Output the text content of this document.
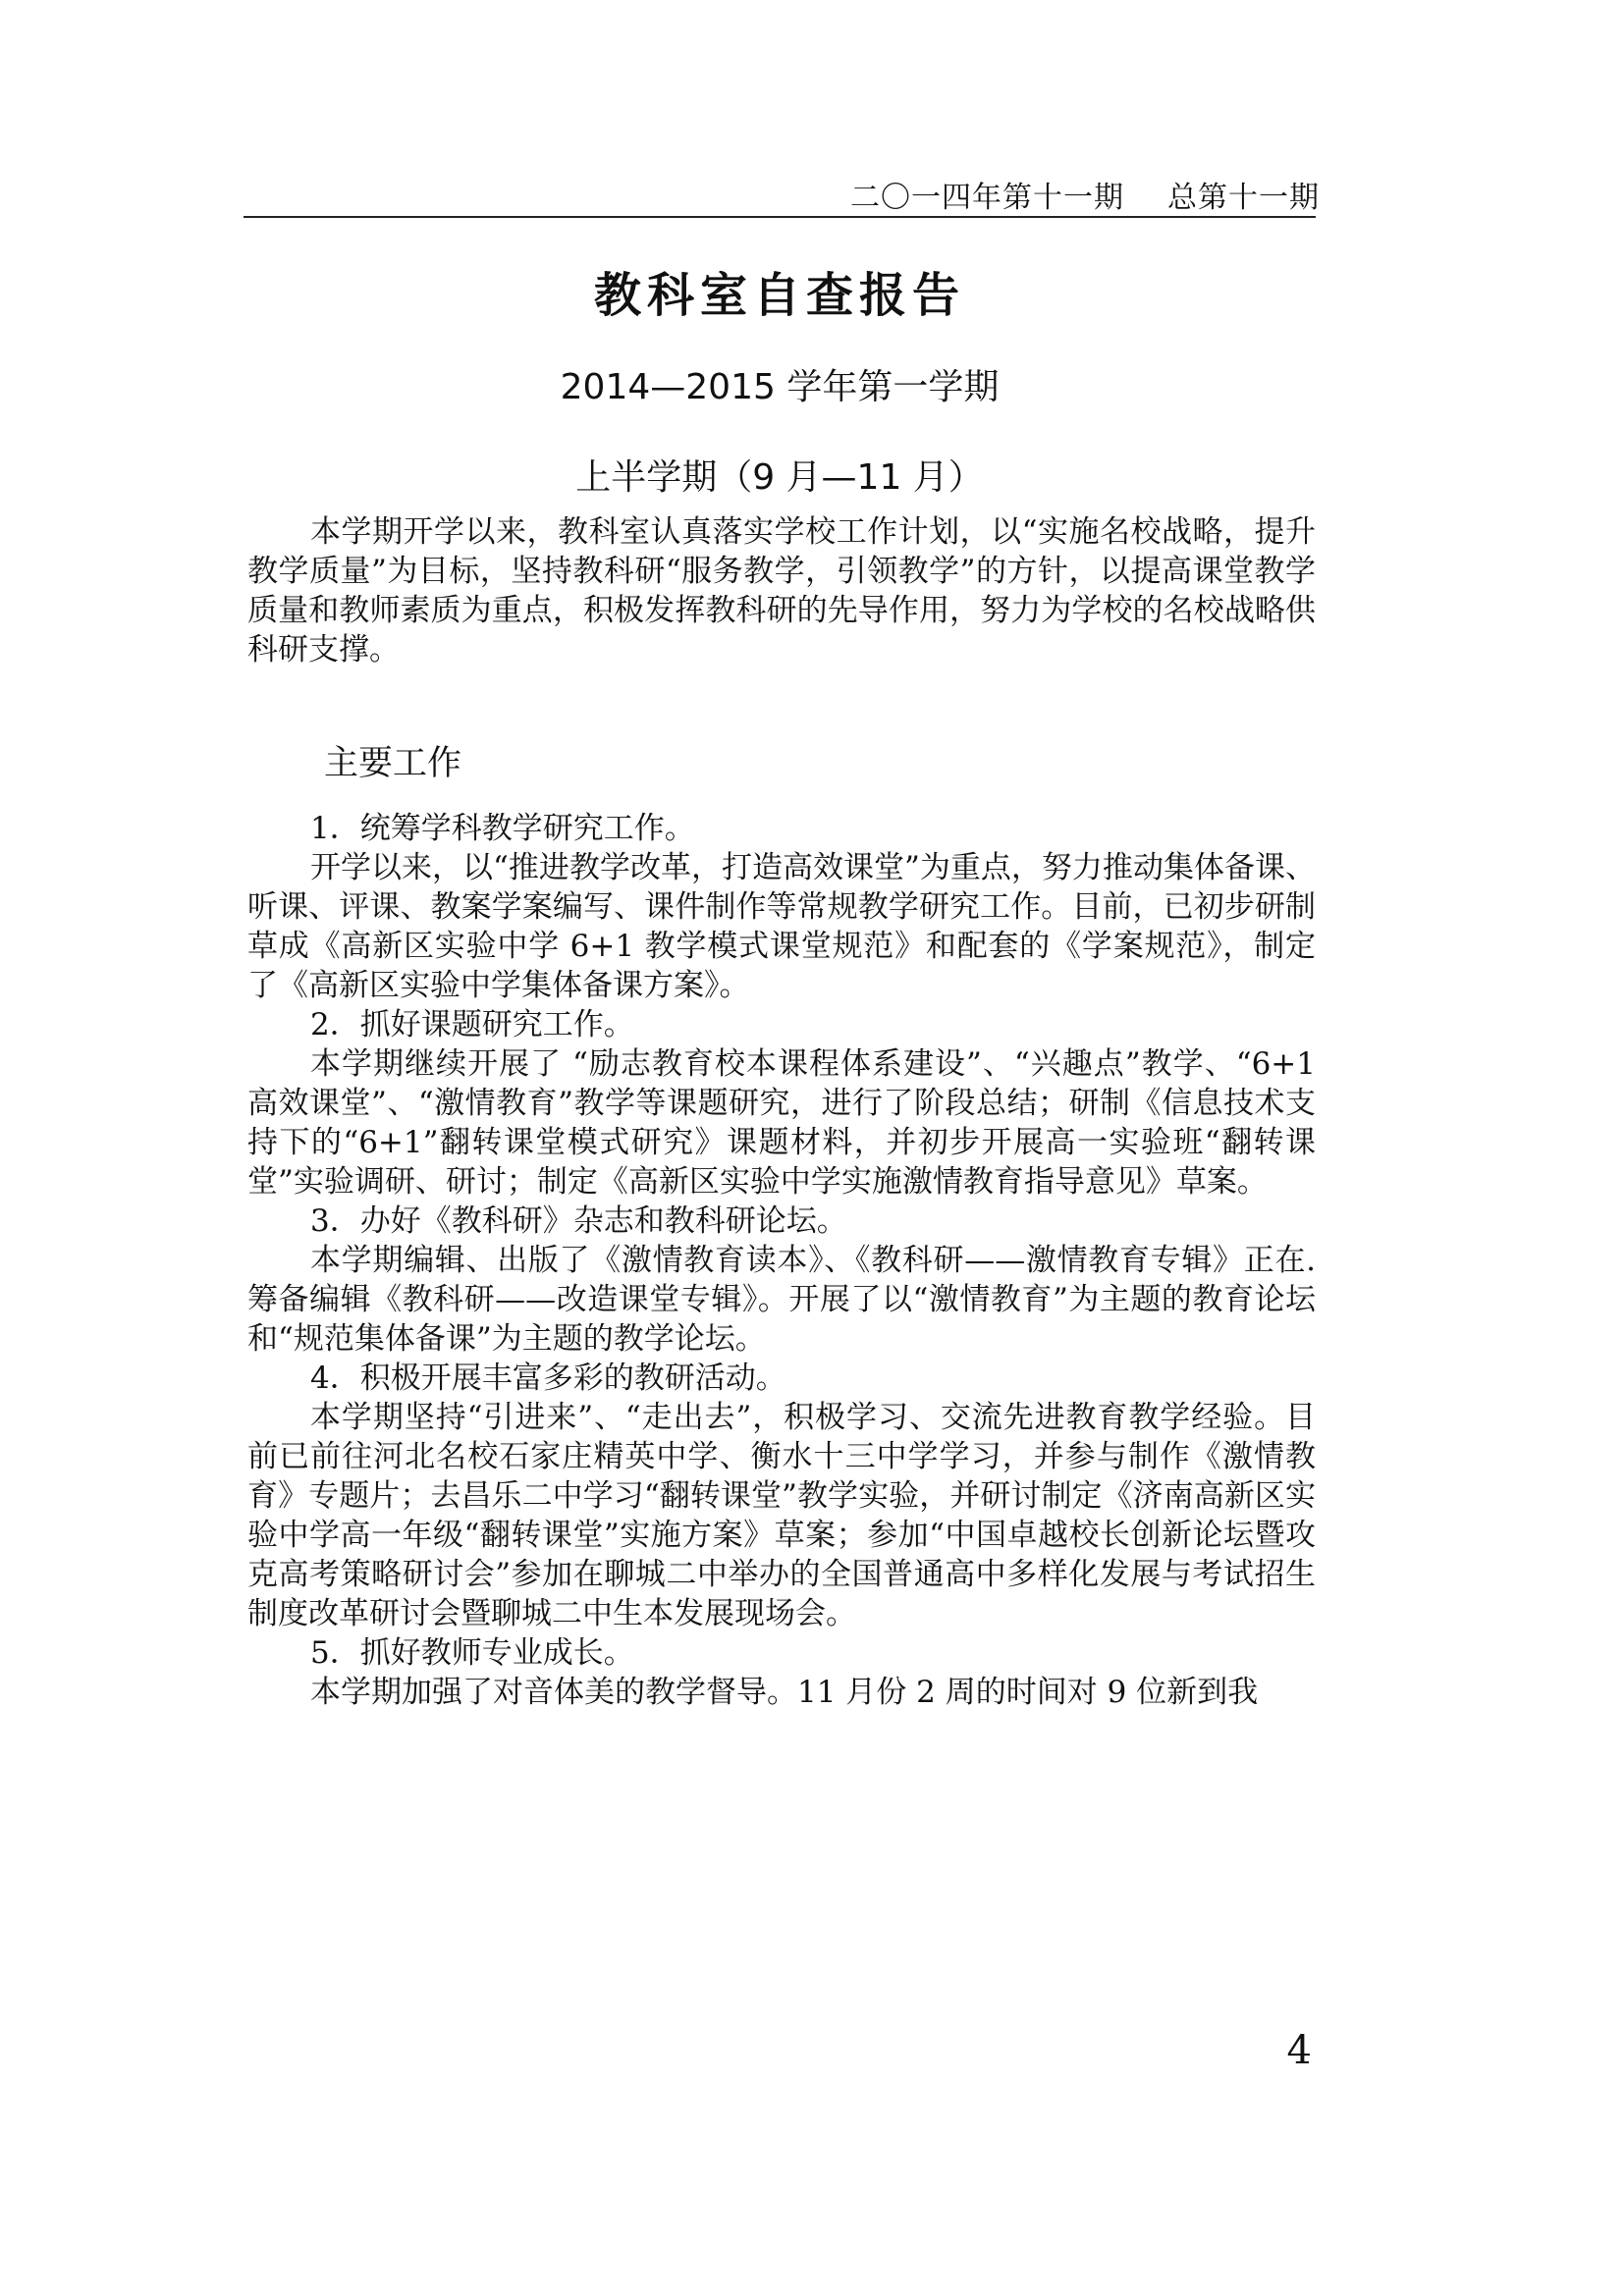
二〇一四年第十一期 总第十一期
教科室自查报告
2014—2015 学年第一学期
上半学期（9 月—11 月）

本学期开学以来，教科室认真落实学校工作计划，以“实施名校战略，提升教学质量”为目标，坚持教科研“服务教学，引领教学”的方针，以提高课堂教学质量和教师素质为重点，积极发挥教科研的先导作用，努力为学校的名校战略供科研支撑。

主要工作

1．统筹学科教学研究工作。

开学以来，以“推进教学改革，打造高效课堂”为重点，努力推动集体备课、听课、评课、教案学案编写、课件制作等常规教学研究工作。目前，已初步研制草成《高新区实验中学 6+1 教学模式课堂规范》和配套的《学案规范》，制定了《高新区实验中学集体备课方案》。

2．抓好课题研究工作。

本学期继续开展了 “励志教育校本课程体系建设”、“兴趣点”教学、“6+1 高效课堂”、“激情教育”教学等课题研究，进行了阶段总结；研制《信息技术支持下的“6+1”翻转课堂模式研究》课题材料，并初步开展高一实验班“翻转课堂”实验调研、研讨；制定《高新区实验中学实施激情教育指导意见》草案。

3．办好《教科研》杂志和教科研论坛。

本学期编辑、出版了《激情教育读本》、《教科研——激情教育专辑》正在.筹备编辑《教科研——改造课堂专辑》。开展了以“激情教育”为主题的教育论坛和“规范集体备课”为主题的教学论坛。

4．积极开展丰富多彩的教研活动。

本学期坚持“引进来”、“走出去”，积极学习、交流先进教育教学经验。目前已前往河北名校石家庄精英中学、衡水十三中学学习，并参与制作《激情教育》专题片；去昌乐二中学习“翻转课堂”教学实验，并研讨制定《济南高新区实验中学高一年级“翻转课堂”实施方案》草案；参加“中国卓越校长创新论坛暨攻克高考策略研讨会”参加在聊城二中举办的全国普通高中多样化发展与考试招生制度改革研讨会暨聊城二中生本发展现场会。

5．抓好教师专业成长。

本学期加强了对音体美的教学督导。11 月份 2 周的时间对 9 位新到我

4
